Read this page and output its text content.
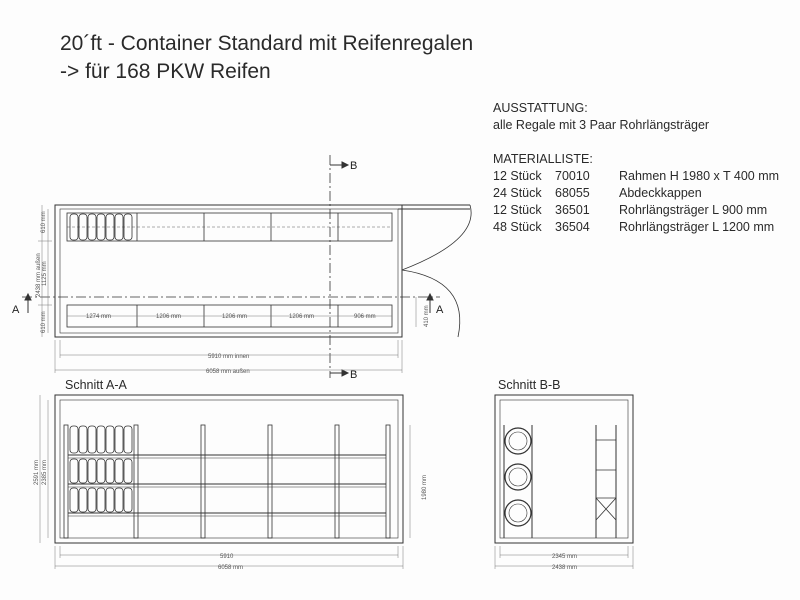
20´ft - Container Standard mit Reifenregalen
-> für 168 PKW Reifen
AUSSTATTUNG:
alle Regale mit 3 Paar Rohrlängsträger
MATERIALLISTE:
12 Stück	70010	Rahmen H 1980 x T 400 mm
24 Stück	68055	Abdeckkappen
12 Stück	36501	Rohrlängsträger L 900 mm
48 Stück	36504	Rohrlängsträger L 1200 mm
Schnitt A-A	Schnitt B-B
A	A
B
B
610 mm
610 mm
2438 mm außen 1125 mm
410 mm
1274 mm	1206 mm	1206 mm	1206 mm	906 mm
5910 mm innen
6058 mm außen
2591 mm 2385 mm
1980 mm
5910
6058 mm
2345 mm
2438 mm
